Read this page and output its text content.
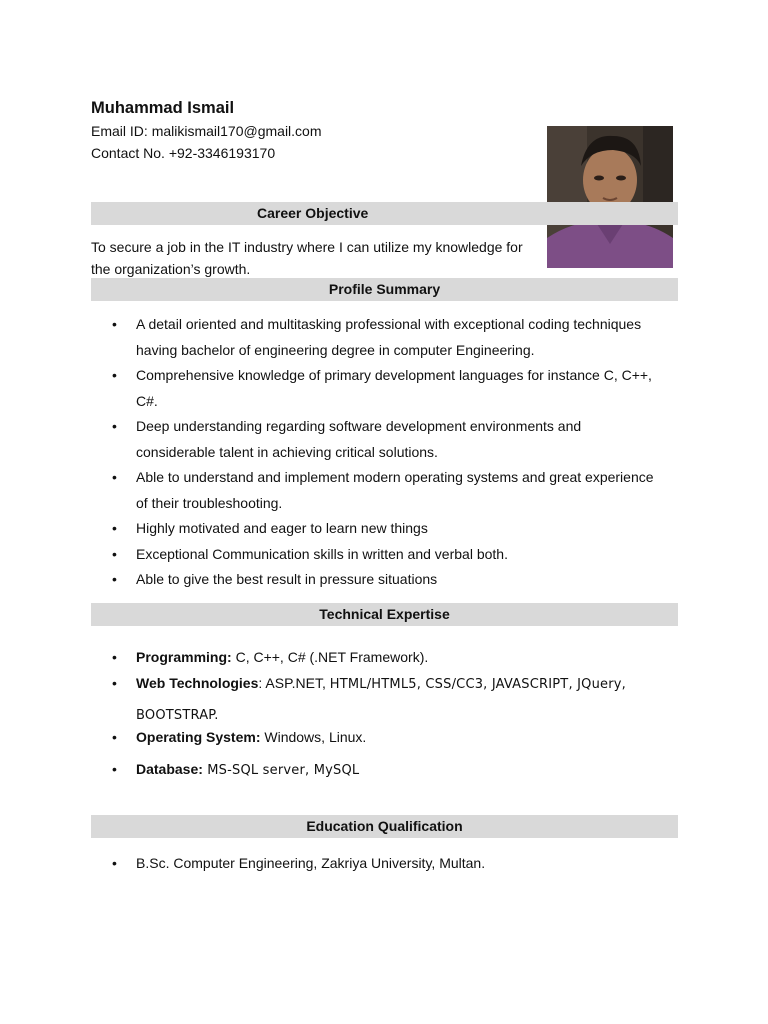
Muhammad Ismail
Email ID: malikismail170@gmail.com
Contact No. +92-3346193170
Career Objective
To secure a job in the IT industry where I can utilize my knowledge for
the organization’s growth.
Profile Summary
• A detail oriented and multitasking professional with exceptional coding techniques
having bachelor of engineering degree in computer Engineering.
• Comprehensive knowledge of primary development languages for instance C, C++,
C#.
• Deep understanding regarding software development environments and
considerable talent in achieving critical solutions.
• Able to understand and implement modern operating systems and great experience
of their troubleshooting.
• Highly motivated and eager to learn new things
• Exceptional Communication skills in written and verbal both.
• Able to give the best result in pressure situations
Technical Expertise
• Programming: C, C++, C# (.NET Framework).
• Web Technologies: ASP.NET, HTML/HTML5, CSS/CC3, JAVASCRIPT, JQuery,
BOOTSTRAP.
• Operating System: Windows, Linux.
• Database: MS-SQL server, MySQL
Education Qualification
• B.Sc. Computer Engineering, Zakriya University, Multan.
